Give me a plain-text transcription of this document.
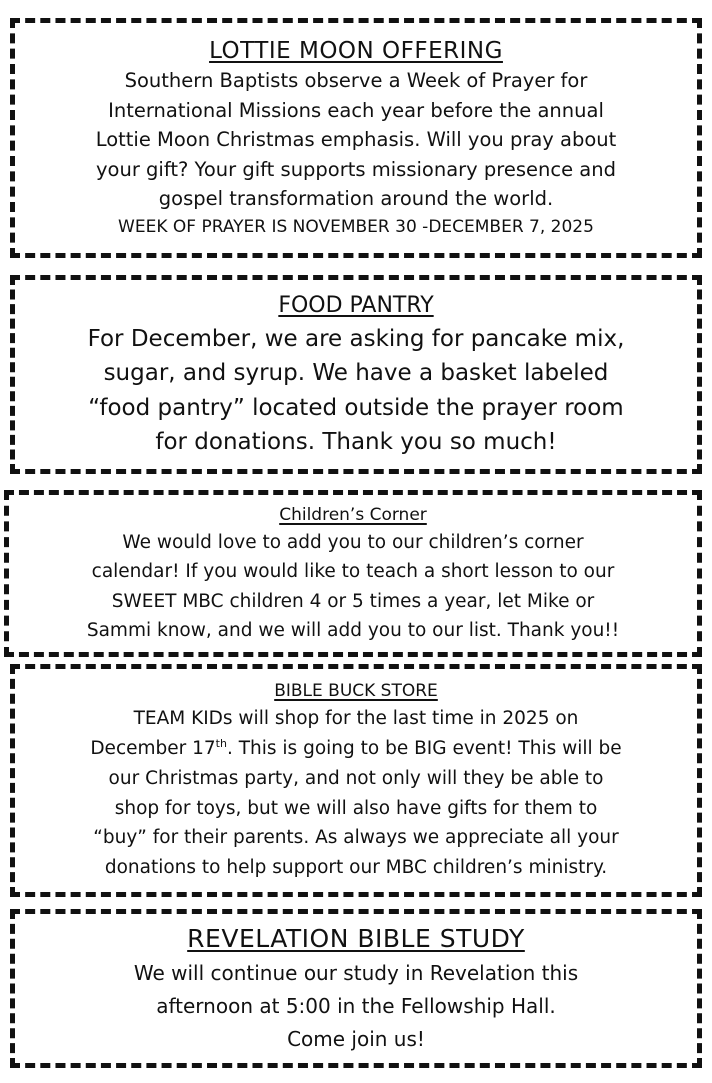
LOTTIE MOON OFFERING

Southern Baptists observe a Week of Prayer for
International Missions each year before the annual
Lottie Moon Christmas emphasis. Will you pray about
your gift? Your gift supports missionary presence and
gospel transformation around the world.

WEEK OF PRAYER IS NOVEMBER 30 -DECEMBER 7, 2025

FOOD PANTRY

For December, we are asking for pancake mix,
sugar, and syrup. We have a basket labeled
“food pantry” located outside the prayer room
for donations. Thank you so much!

Children’s Corner

We would love to add you to our children’s corner
calendar! If you would like to teach a short lesson to our
SWEET MBC children 4 or 5 times a year, let Mike or
Sammi know, and we will add you to our list. Thank you!!

BIBLE BUCK STORE

TEAM KIDs will shop for the last time in 2025 on
December 17th. This is going to be BIG event! This will be
our Christmas party, and not only will they be able to
shop for toys, but we will also have gifts for them to
“buy” for their parents. As always we appreciate all your
donations to help support our MBC children’s ministry.

REVELATION BIBLE STUDY

We will continue our study in Revelation this
afternoon at 5:00 in the Fellowship Hall.
Come join us!
